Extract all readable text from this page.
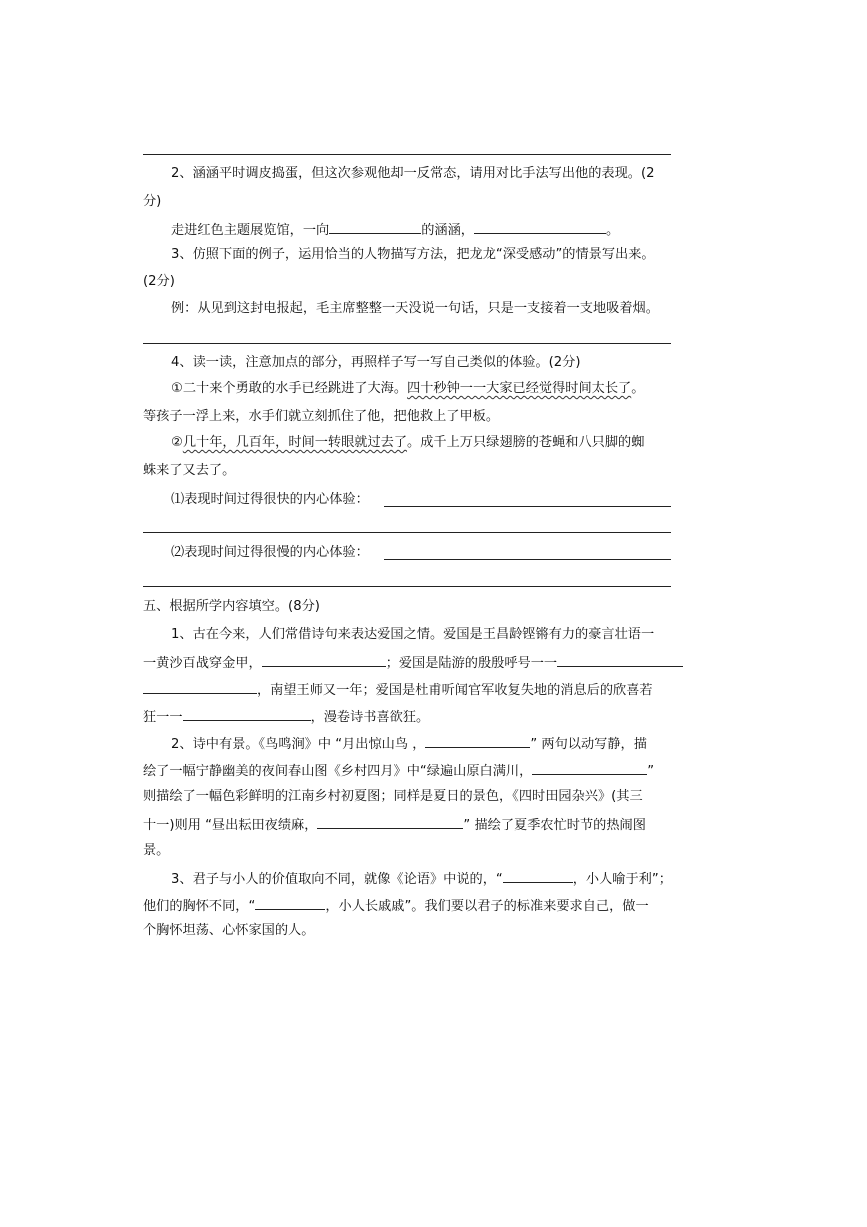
2、涵涵平时调皮捣蛋，但这次参观他却一反常态，请用对比手法写出他的表现。(2
分)
走进红色主题展览馆，一向	的涵涵，	。
3、仿照下面的例子，运用恰当的人物描写方法，把龙龙“深受感动”的情景写出来。
(2分)
例：从见到这封电报起，毛主席整整一天没说一句话，只是一支接着一支地吸着烟。
4、读一读，注意加点的部分，再照样子写一写自己类似的体验。(2分)
①二十来个勇敢的水手已经跳进了大海。四十秒钟一一大家已经觉得时间太长了。
等孩子一浮上来，水手们就立刻抓住了他，把他救上了甲板。
②几十年，几百年，时间一转眼就过去了。成千上万只绿翅膀的苍蝇和八只脚的蜘
蛛来了又去了。
⑴表现时间过得很快的内心体验：
⑵表现时间过得很慢的内心体验：
五、根据所学内容填空。(8分)
1、古在今来，人们常借诗句来表达爱国之情。爱国是王昌龄铿锵有力的豪言壮语一
一黄沙百战穿金甲，	；爱国是陆游的殷殷呼号一一
，南望王师又一年；爱国是杜甫听闻官军收复失地的消息后的欣喜若
狂一一	，漫卷诗书喜欲狂。
2、诗中有景。《鸟鸣涧》中 “月出惊山鸟 ，	” 两句以动写静，描
绘了一幅宁静幽美的夜间春山图《乡村四月》中“绿遍山原白满川，	”
则描绘了一幅色彩鲜明的江南乡村初夏图；同样是夏日的景色，《四时田园杂兴》(其三
十一)则用 “昼出耘田夜绩麻，	” 描绘了夏季农忙时节的热闹图
景。
3、君子与小人的价值取向不同，就像《论语》中说的，“	，小人喻于利”；
他们的胸怀不同，“	，小人长戚戚”。我们要以君子的标准来要求自己，做一
个胸怀坦荡、心怀家国的人。
